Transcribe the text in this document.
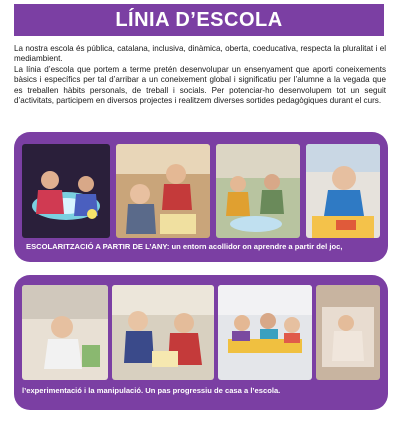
LÍNIA D’ESCOLA

La nostra escola és pública, catalana, inclusiva, dinàmica, oberta, coeducativa, respecta la pluralitat i el mediambient.

La línia d’escola que portem a terme pretén desenvolupar un ensenyament que aporti coneixements bàsics i específics per tal d’arribar a un coneixement global i significatiu per l’alumne a la vegada que es treballen hàbits personals, de treball i socials. Per potenciar-ho desenvolupem tot un seguit d’activitats, participem en diversos projectes i realitzem diverses sortides pedagògiques durant el curs.

ESCOLARITZACIÓ A PARTIR DE L’ANY: un entorn acollidor on aprendre a partir del joc,
l’experimentació i la manipulació. Un pas progressiu de casa a l’escola.
